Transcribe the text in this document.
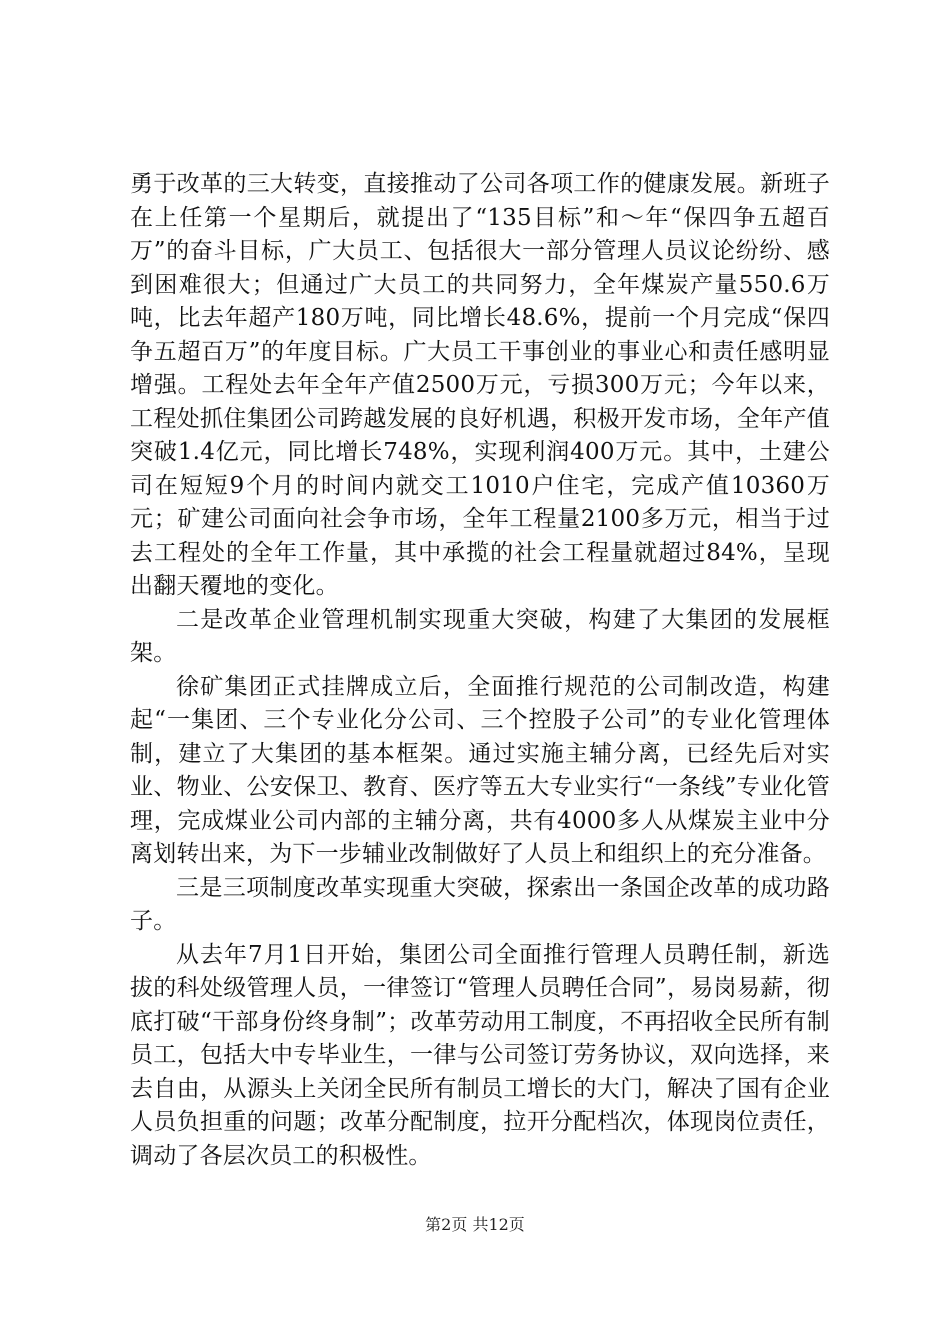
勇于改革的三大转变，直接推动了公司各项工作的健康发展。新班子在上任第一个星期后，就提出了“135目标”和～年“保四争五超百万”的奋斗目标，广大员工、包括很大一部分管理人员议论纷纷、感到困难很大；但通过广大员工的共同努力，全年煤炭产量550.6万吨，比去年超产180万吨，同比增长48.6%，提前一个月完成“保四争五超百万”的年度目标。广大员工干事创业的事业心和责任感明显增强。工程处去年全年产值2500万元，亏损300万元；今年以来，工程处抓住集团公司跨越发展的良好机遇，积极开发市场，全年产值突破1.4亿元，同比增长748%，实现利润400万元。其中，土建公司在短短9个月的时间内就交工1010户住宅，完成产值10360万元；矿建公司面向社会争市场，全年工程量2100多万元，相当于过去工程处的全年工作量，其中承揽的社会工程量就超过84%，呈现出翻天覆地的变化。

二是改革企业管理机制实现重大突破，构建了大集团的发展框架。

徐矿集团正式挂牌成立后，全面推行规范的公司制改造，构建起“一集团、三个专业化分公司、三个控股子公司”的专业化管理体制，建立了大集团的基本框架。通过实施主辅分离，已经先后对实业、物业、公安保卫、教育、医疗等五大专业实行“一条线”专业化管理，完成煤业公司内部的主辅分离，共有4000多人从煤炭主业中分离划转出来，为下一步辅业改制做好了人员上和组织上的充分准备。

三是三项制度改革实现重大突破，探索出一条国企改革的成功路子。

从去年7月1日开始，集团公司全面推行管理人员聘任制，新选拔的科处级管理人员，一律签订“管理人员聘任合同”，易岗易薪，彻底打破“干部身份终身制”；改革劳动用工制度，不再招收全民所有制员工，包括大中专毕业生，一律与公司签订劳务协议，双向选择，来去自由，从源头上关闭全民所有制员工增长的大门，解决了国有企业人员负担重的问题；改革分配制度，拉开分配档次，体现岗位责任，调动了各层次员工的积极性。

第2页 共12页
